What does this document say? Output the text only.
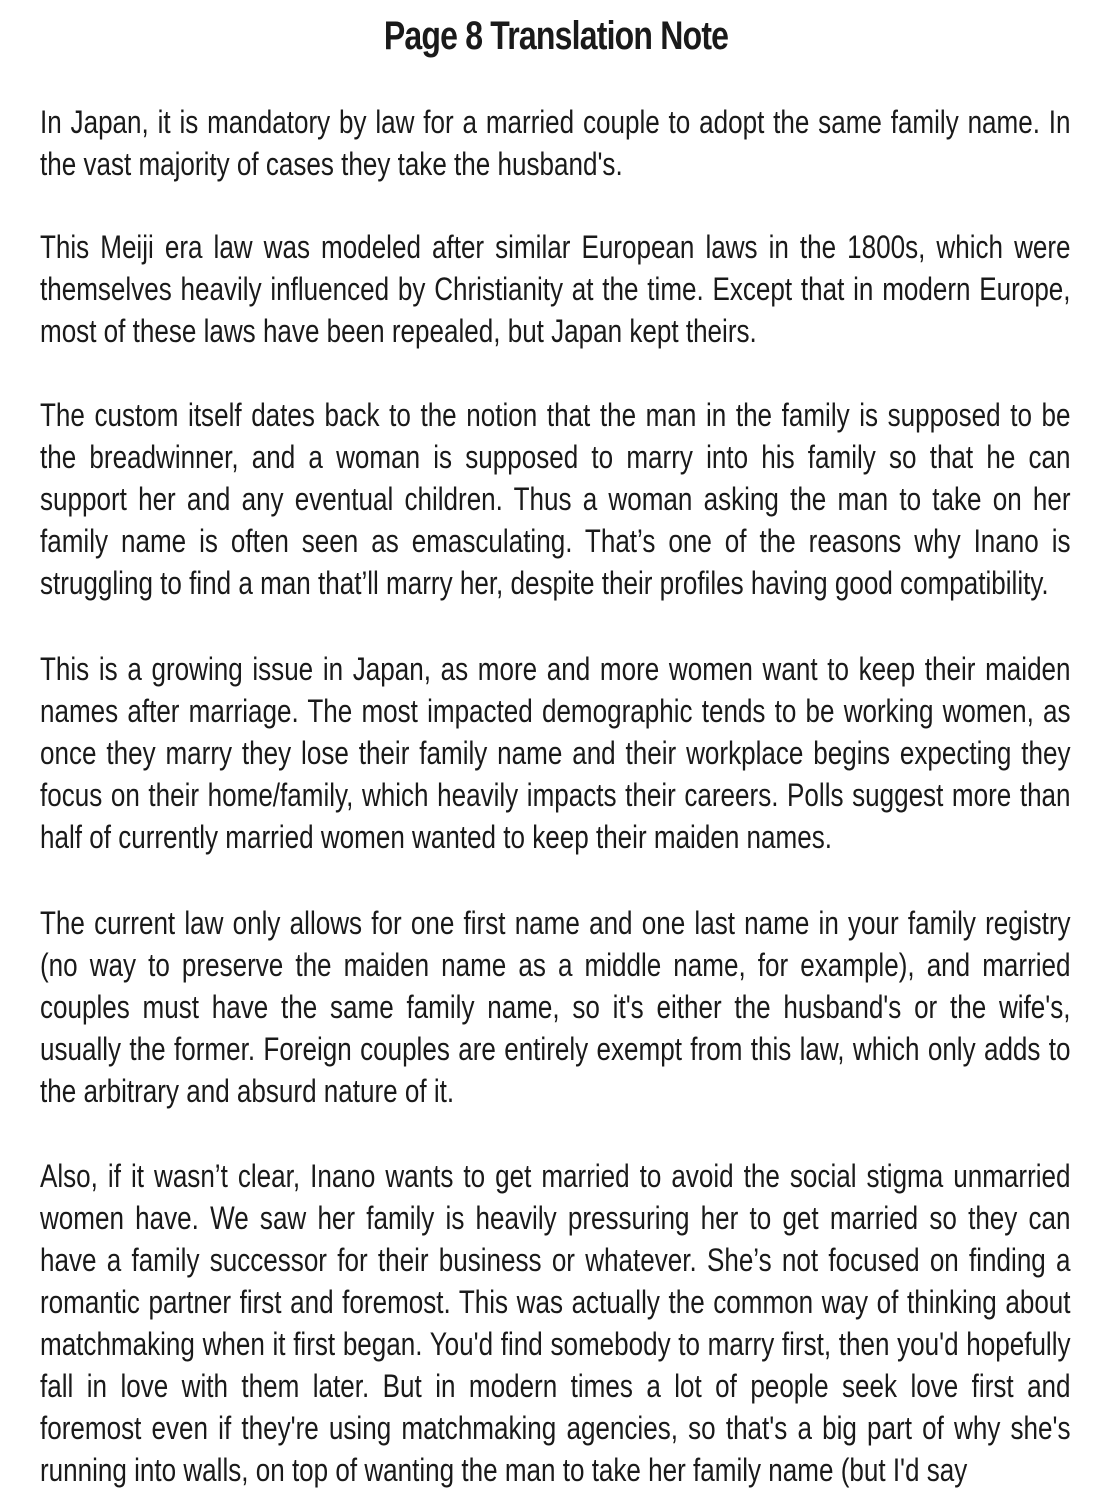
Page 8 Translation Note

In Japan, it is mandatory by law for a married couple to adopt the same family name. In the vast majority of cases they take the husband's.

This Meiji era law was modeled after similar European laws in the 1800s, which were themselves heavily influenced by Christianity at the time. Except that in modern Europe, most of these laws have been repealed, but Japan kept theirs.

The custom itself dates back to the notion that the man in the family is supposed to be the breadwinner, and a woman is supposed to marry into his family so that he can support her and any eventual children. Thus a woman asking the man to take on her family name is often seen as emasculating. That’s one of the reasons why Inano is struggling to find a man that’ll marry her, despite their profiles having good compatibility.

This is a growing issue in Japan, as more and more women want to keep their maiden names after marriage. The most impacted demographic tends to be working women, as once they marry they lose their family name and their workplace begins expecting they focus on their home/family, which heavily impacts their careers. Polls suggest more than half of currently married women wanted to keep their maiden names.

The current law only allows for one first name and one last name in your family registry (no way to preserve the maiden name as a middle name, for example), and married couples must have the same family name, so it's either the husband's or the wife's, usually the former. Foreign couples are entirely exempt from this law, which only adds to the arbitrary and absurd nature of it.

Also, if it wasn’t clear, Inano wants to get married to avoid the social stigma unmarried women have. We saw her family is heavily pressuring her to get married so they can have a family successor for their business or whatever. She’s not focused on finding a romantic partner first and foremost. This was actually the common way of thinking about matchmaking when it first began. You'd find somebody to marry first, then you'd hopefully fall in love with them later. But in modern times a lot of people seek love first and foremost even if they're using matchmaking agencies, so that's a big part of why she's running into walls, on top of wanting the man to take her family name (but I'd say
